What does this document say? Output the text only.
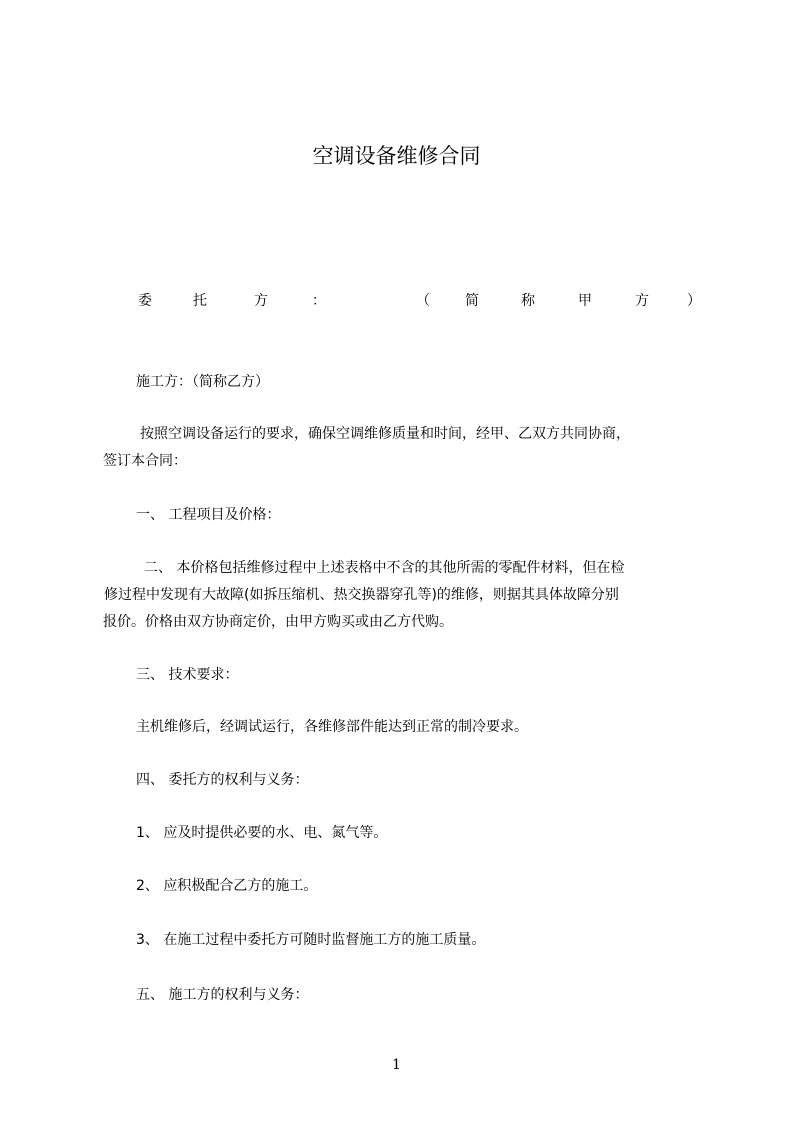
空调设备维修合同
委	托	方	：	（	简	称	甲	方	）
施工方：（简称乙方）
按照空调设备运行的要求，确保空调维修质量和时间，经甲、乙双方共同协商，
签订本合同：
一、 工程项目及价格：
二、 本价格包括维修过程中上述表格中不含的其他所需的零配件材料，但在检
修过程中发现有大故障(如拆压缩机、热交换器穿孔等)的维修，则据其具体故障分别
报价。价格由双方协商定价，由甲方购买或由乙方代购。
三、 技术要求：
主机维修后，经调试运行，各维修部件能达到正常的制冷要求。
四、 委托方的权利与义务：
1、 应及时提供必要的水、电、氮气等。
2、 应积极配合乙方的施工。
3、 在施工过程中委托方可随时监督施工方的施工质量。
五、 施工方的权利与义务：
1
